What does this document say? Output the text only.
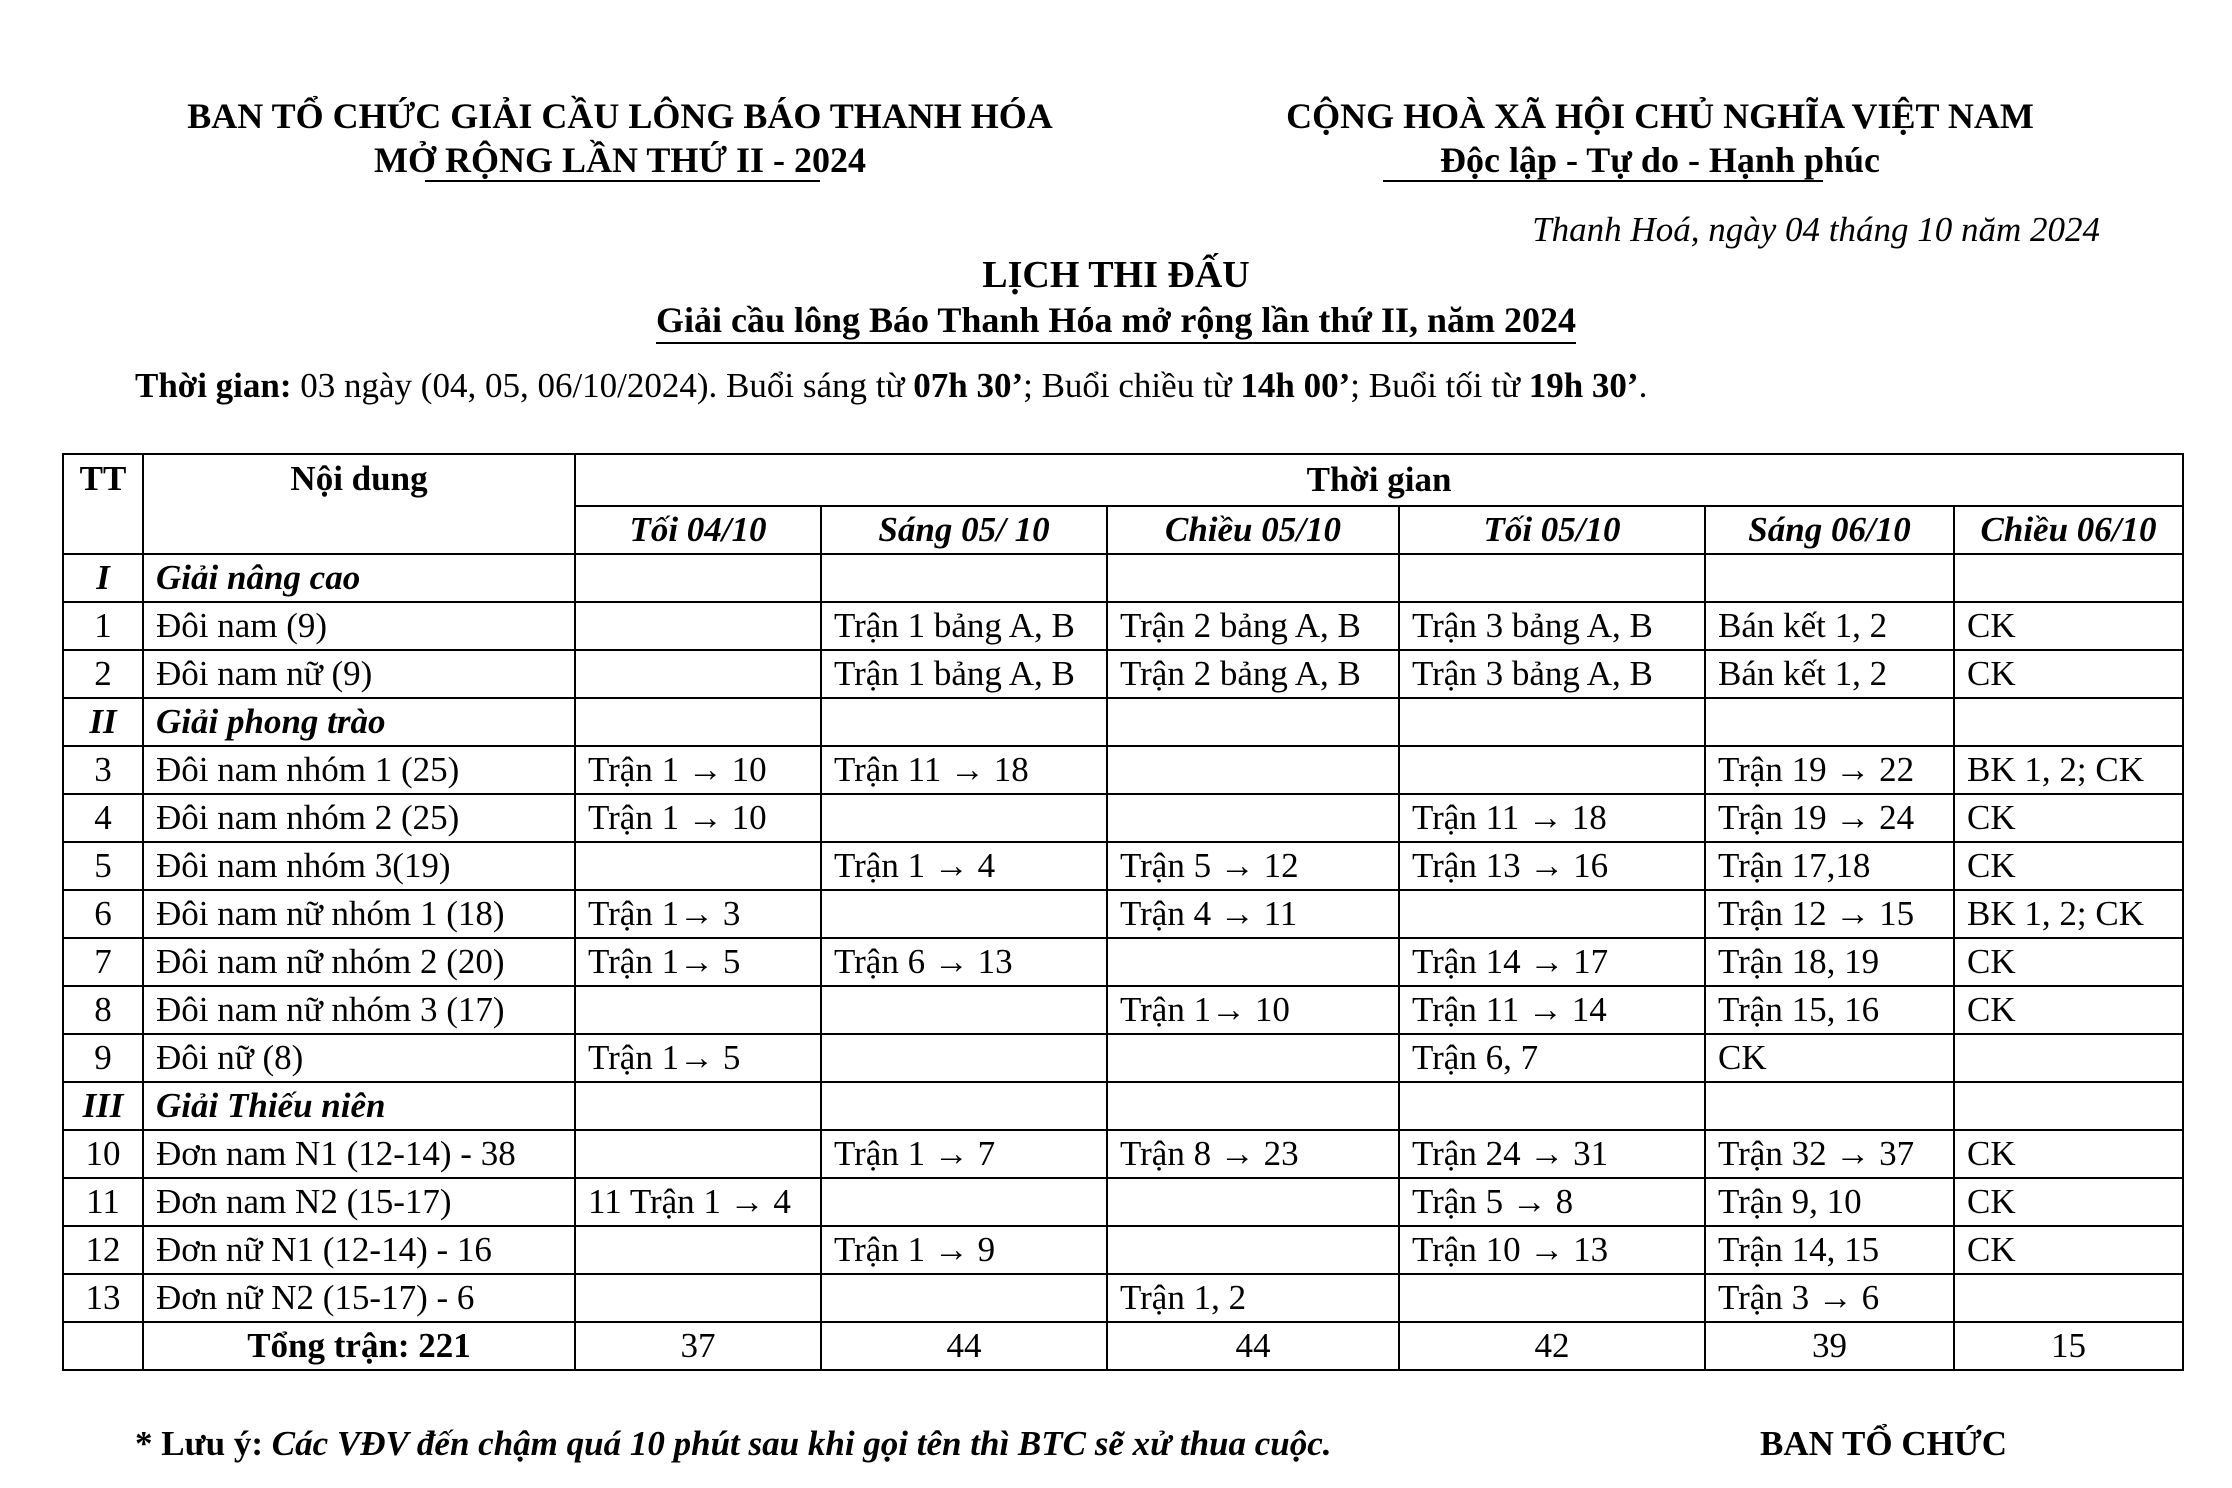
BAN TỔ CHỨC GIẢI CẦU LÔNG BÁO THANH HÓA
MỞ RỘNG LẦN THỨ II - 2024
CỘNG HOÀ XÃ HỘI CHỦ NGHĨA VIỆT NAM
Độc lập - Tự do - Hạnh phúc
Thanh Hoá, ngày 04 tháng 10 năm 2024
LỊCH THI ĐẤU
Giải cầu lông Báo Thanh Hóa mở rộng lần thứ II, năm 2024
Thời gian: 03 ngày (04, 05, 06/10/2024). Buổi sáng từ 07h 30’; Buổi chiều từ 14h 00’; Buổi tối từ 19h 30’.
TT	Nội dung	Thời gian					
		Tối 04/10	Sáng 05/ 10	Chiều 05/10	Tối 05/10	Sáng 06/10	Chiều 06/10
I	Giải nâng cao						
1	Đôi nam (9)		Trận 1 bảng A, B	Trận 2 bảng A, B	Trận 3 bảng A, B	Bán kết 1, 2	CK
2	Đôi nam nữ (9)		Trận 1 bảng A, B	Trận 2 bảng A, B	Trận 3 bảng A, B	Bán kết 1, 2	CK
II	Giải phong trào						
3	Đôi nam nhóm 1 (25)	Trận 1 → 10	Trận 11 → 18			Trận 19 → 22	BK 1, 2; CK
4	Đôi nam nhóm 2 (25)	Trận 1 → 10			Trận 11 → 18	Trận 19 → 24	CK
5	Đôi nam nhóm 3(19)		Trận 1 → 4	Trận 5 → 12	Trận 13 → 16	Trận 17,18	CK
6	Đôi nam nữ nhóm 1 (18)	Trận 1→ 3		Trận 4 → 11		Trận 12 → 15	BK 1, 2; CK
7	Đôi nam nữ nhóm 2 (20)	Trận 1→ 5	Trận 6 → 13		Trận 14 → 17	Trận 18, 19	CK
8	Đôi nam nữ nhóm 3 (17)			Trận 1→ 10	Trận 11 → 14	Trận 15, 16	CK
9	Đôi nữ (8)	Trận 1→ 5			Trận 6, 7	CK	
III	Giải Thiếu niên						
10	Đơn nam N1 (12-14) - 38		Trận 1 → 7	Trận 8 → 23	Trận 24 → 31	Trận 32 → 37	CK
11	Đơn nam N2 (15-17)	11 Trận 1 → 4			Trận 5 → 8	Trận 9, 10	CK
12	Đơn nữ N1 (12-14) - 16		Trận 1 → 9		Trận 10 → 13	Trận 14, 15	CK
13	Đơn nữ N2 (15-17) - 6			Trận 1, 2		Trận 3 → 6	
	Tổng trận: 221	37	44	44	42	39	15
* Lưu ý: Các VĐV đến chậm quá 10 phút sau khi gọi tên thì BTC sẽ xử thua cuộc.	BAN TỔ CHỨC
